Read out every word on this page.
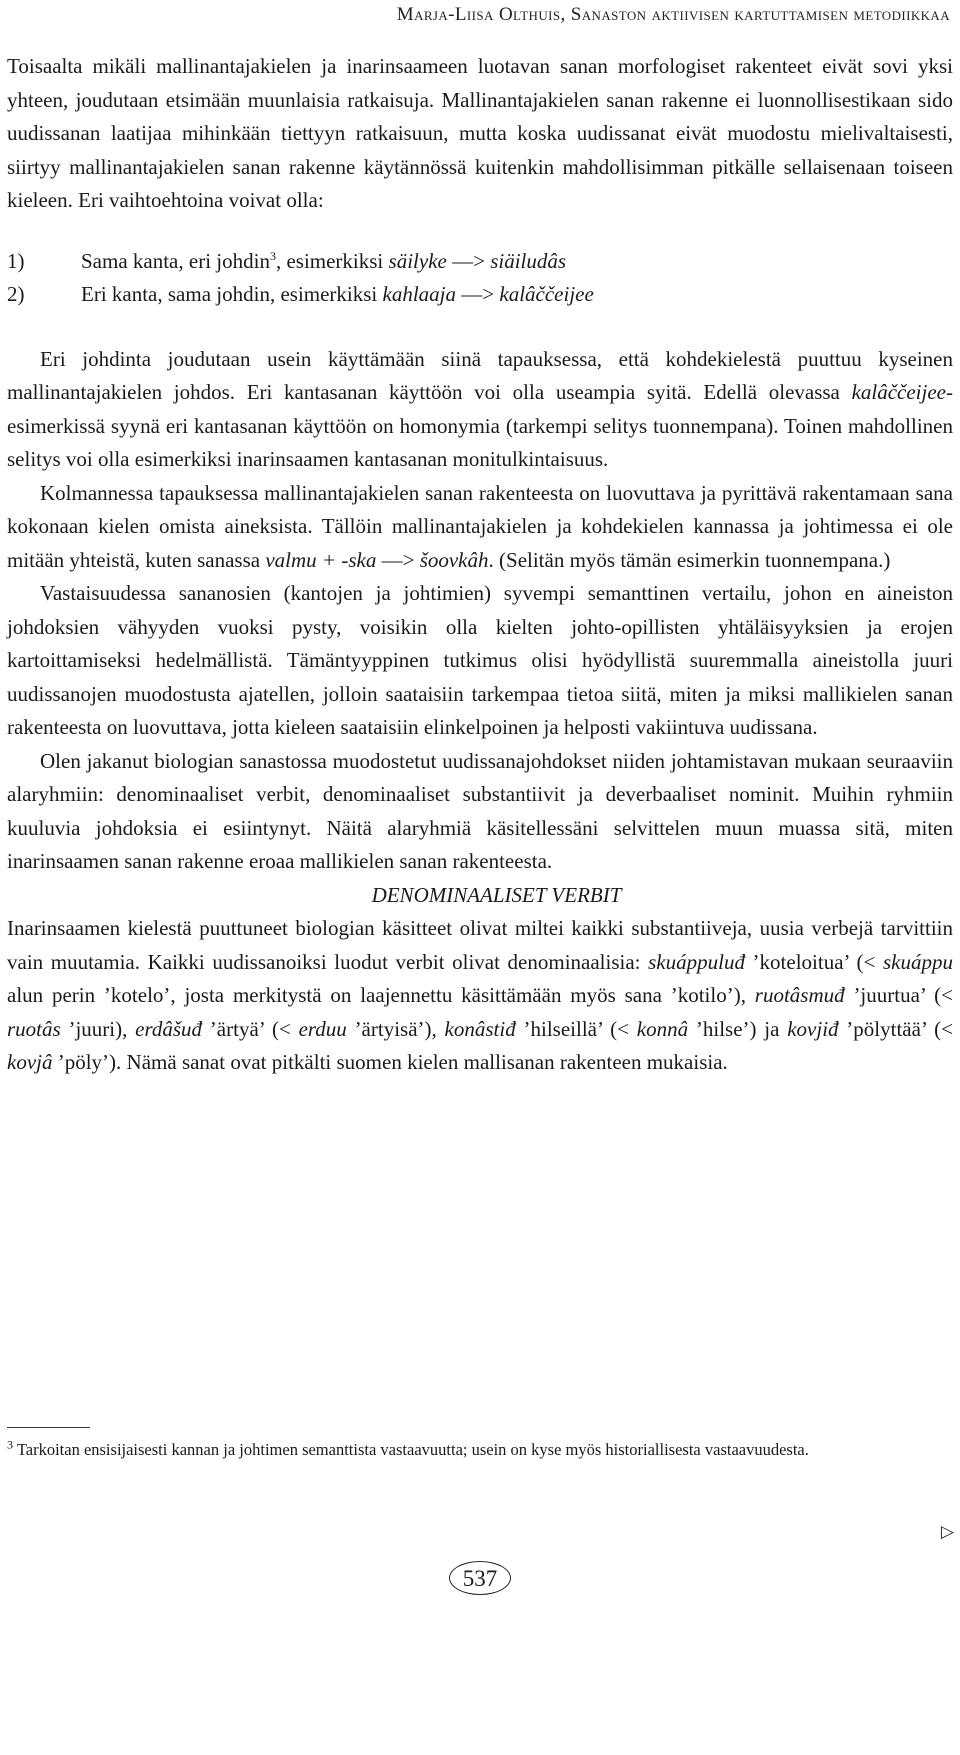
Marja-Liisa Olthuis, Sanaston aktiivisen kartuttamisen metodiikkaa

Toisaalta mikäli mallinantajakielen ja inarinsaameen luotavan sanan morfologiset rakenteet eivät sovi yksi yhteen, joudutaan etsimään muunlaisia ratkaisuja. Mallinantajakielen sanan rakenne ei luonnollisestikaan sido uudissanan laatijaa mihinkään tiettyyn ratkaisuun, mutta koska uudissanat eivät muodostu mielivaltaisesti, siirtyy mallinantajakielen sanan rakenne käytännössä kuitenkin mahdollisimman pitkälle sellaisenaan toiseen kieleen. Eri vaihtoehtoina voivat olla:

1)	Sama kanta, eri johdin$^3$, esimerkiksi säilyke —> siäiludâs
2)	Eri kanta, sama johdin, esimerkiksi kahlaaja —> kalâččeijee

Eri johdinta joudutaan usein käyttämään siinä tapauksessa, että kohdekielestä puuttuu kyseinen mallinantajakielen johdos. Eri kantasanan käyttöön voi olla useampia syitä. Edellä olevassa kalâččeijee-esimerkissä syynä eri kantasanan käyttöön on homonymia (tarkempi selitys tuonnempana). Toinen mahdollinen selitys voi olla esimerkiksi inarinsaamen kantasanan monitulkintaisuus.

Kolmannessa tapauksessa mallinantajakielen sanan rakenteesta on luovuttava ja pyrittävä rakentamaan sana kokonaan kielen omista aineksista. Tällöin mallinantajakielen ja kohdekielen kannassa ja johtimessa ei ole mitään yhteistä, kuten sanassa valmu + -ska —> šoovkâh. (Selitän myös tämän esimerkin tuonnempana.)

Vastaisuudessa sananosien (kantojen ja johtimien) syvempi semanttinen vertailu, johon en aineiston johdoksien vähyyden vuoksi pysty, voisikin olla kielten johto-opillisten yhtäläisyyksien ja erojen kartoittamiseksi hedelmällistä. Tämäntyyppinen tutkimus olisi hyödyllistä suuremmalla aineistolla juuri uudissanojen muodostusta ajatellen, jolloin saataisiin tarkempaa tietoa siitä, miten ja miksi mallikielen sanan rakenteesta on luovuttava, jotta kieleen saataisiin elinkelpoinen ja helposti vakiintuva uudissana.

Olen jakanut biologian sanastossa muodostetut uudissanajohdokset niiden johtamistavan mukaan seuraaviin alaryhmiin: denominaaliset verbit, denominaaliset substantiivit ja deverbaaliset nominit. Muihin ryhmiin kuuluvia johdoksia ei esiintynyt. Näitä alaryhmiä käsitellessäni selvittelen muun muassa sitä, miten inarinsaamen sanan rakenne eroaa mallikielen sanan rakenteesta.

DENOMINAALISET VERBIT

Inarinsaamen kielestä puuttuneet biologian käsitteet olivat miltei kaikki substantiiveja, uusia verbejä tarvittiin vain muutamia. Kaikki uudissanoiksi luodut verbit olivat denominaalisia: skuáppuluđ ’koteloitua’ (< skuáppu alun perin ’kotelo’, josta merkitystä on laajennettu käsittämään myös sana ’kotilo’), ruotâsmuđ ’juurtua’ (< ruotâs ’juuri), erdâšuđ ’ärtyä’ (< erduu ’ärtyisä’), konâstiđ ’hilseillä’ (< konnâ ’hilse’) ja kovjiđ ’pölyttää’ (< kovjâ ’pöly’). Nämä sanat ovat pitkälti suomen kielen mallisanan rakenteen mukaisia.

$^3$ Tarkoitan ensisijaisesti kannan ja johtimen semanttista vastaavuutta; usein on kyse myös historiallisesta vastaavuudesta.
▷
537
